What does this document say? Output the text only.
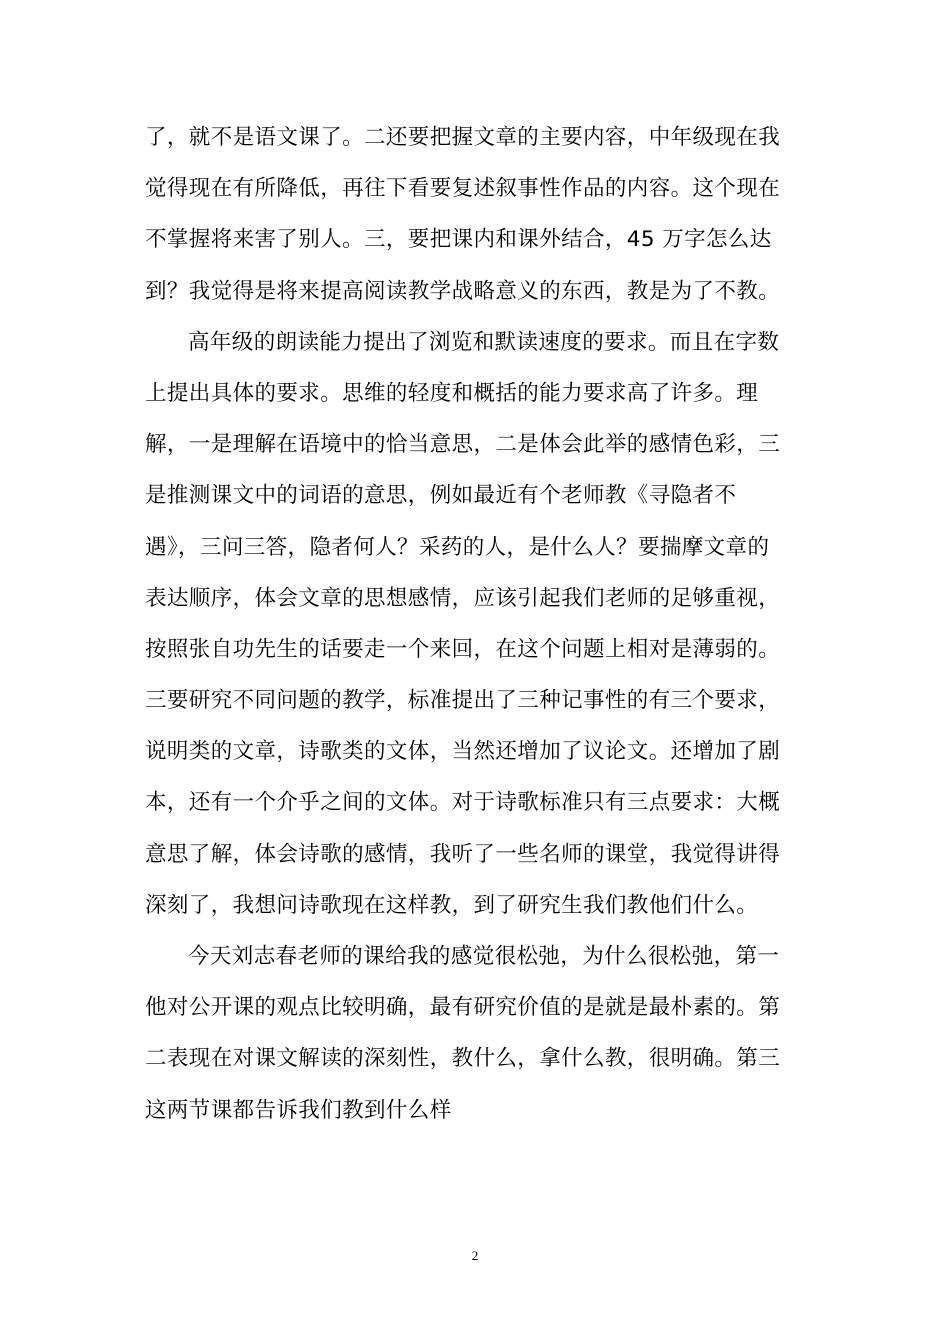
了，就不是语文课了。二还要把握文章的主要内容，中年级现在我
觉得现在有所降低，再往下看要复述叙事性作品的内容。这个现在
不掌握将来害了别人。三，要把课内和课外结合，45 万字怎么达
到？我觉得是将来提高阅读教学战略意义的东西，教是为了不教。
高年级的朗读能力提出了浏览和默读速度的要求。而且在字数
上提出具体的要求。思维的轻度和概括的能力要求高了许多。理
解，一是理解在语境中的恰当意思，二是体会此举的感情色彩，三
是推测课文中的词语的意思，例如最近有个老师教《寻隐者不
遇》，三问三答，隐者何人？采药的人，是什么人？要揣摩文章的
表达顺序，体会文章的思想感情，应该引起我们老师的足够重视，
按照张自功先生的话要走一个来回，在这个问题上相对是薄弱的。
三要研究不同问题的教学，标准提出了三种记事性的有三个要求，
说明类的文章，诗歌类的文体，当然还增加了议论文。还增加了剧
本，还有一个介乎之间的文体。对于诗歌标准只有三点要求：大概
意思了解，体会诗歌的感情，我听了一些名师的课堂，我觉得讲得
深刻了，我想问诗歌现在这样教，到了研究生我们教他们什么。
今天刘志春老师的课给我的感觉很松弛，为什么很松弛，第一
他对公开课的观点比较明确，最有研究价值的是就是最朴素的。第
二表现在对课文解读的深刻性，教什么，拿什么教，很明确。第三
这两节课都告诉我们教到什么样
2
